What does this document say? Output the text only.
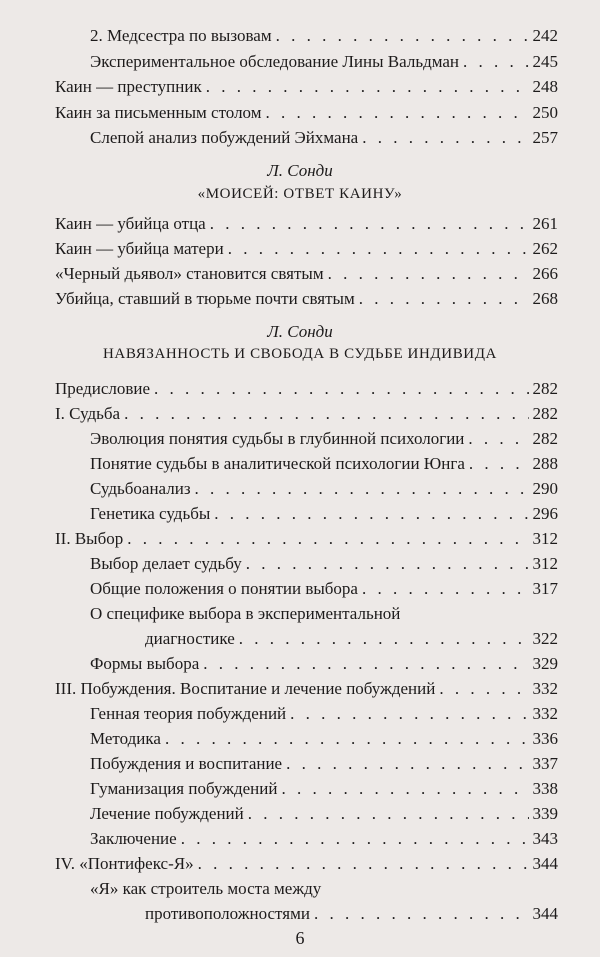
2. Медсестра по вызовам . . .	242
Экспериментальное обследование Лины Вальдман . . .	245
Каин — преступник . . .	248
Каин за письменным столом . . .	250
Слепой анализ побуждений Эйхмана . . .	257
Л. Сонди
«МОИСЕЙ: ОТВЕТ КАИНУ»
Каин — убийца отца . . .	261
Каин — убийца матери . . .	262
«Черный дьявол» становится святым . . .	266
Убийца, ставший в тюрьме почти святым . . .	268
Л. Сонди
НАВЯЗАННОСТЬ И СВОБОДА В СУДЬБЕ ИНДИВИДА
Предисловие . . .	282
I. Судьба . . .	282
Эволюция понятия судьбы в глубинной психологии . . .	282
Понятие судьбы в аналитической психологии Юнга . . .	288
Судьбоанализ . . .	290
Генетика судьбы . . .	296
II. Выбор . . .	312
Выбор делает судьбу . . .	312
Общие положения о понятии выбора . . .	317
О специфике выбора в экспериментальной
диагностике . . .	322
Формы выбора . . .	329
III. Побуждения. Воспитание и лечение побуждений . . .	332
Генная теория побуждений . . .	332
Методика . . .	336
Побуждения и воспитание . . .	337
Гуманизация побуждений . . .	338
Лечение побуждений . . .	339
Заключение . . .	343
IV. «Понтифекс-Я» . . .	344
«Я» как строитель моста между
противоположностями . . .	344
6
